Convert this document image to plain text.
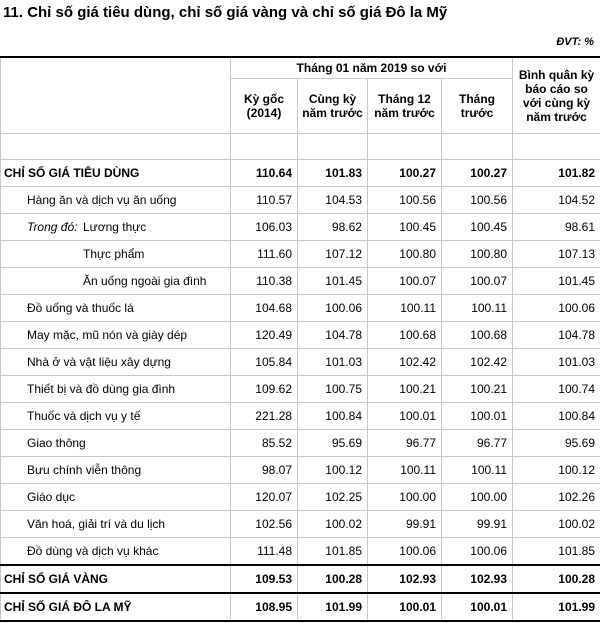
11. Chỉ số giá tiêu dùng, chỉ số giá vàng và chỉ số giá Đô la Mỹ
ĐVT: %
			Tháng 01 năm 2019 so với				Bình quân kỳ báo cáo so với cùng kỳ năm trước
			Kỳ gốc (2014)	Cùng kỳ năm trước	Tháng 12 năm trước	Tháng trước	

CHỈ SỐ GIÁ TIÊU DÙNG			110.64	101.83	100.27	100.27	101.82
	Hàng ăn và dịch vụ ăn uống		110.57	104.53	100.56	100.56	104.52
	Trong đó:	Lương thực	106.03	98.62	100.45	100.45	98.61
		Thực phẩm	111.60	107.12	100.80	100.80	107.13
		Ăn uống ngoài gia đình	110.38	101.45	100.07	100.07	101.45
	Đồ uống và thuốc lá		104.68	100.06	100.11	100.11	100.06
	May mặc, mũ nón và giày dép		120.49	104.78	100.68	100.68	104.78
	Nhà ở và vật liệu xây dựng		105.84	101.03	102.42	102.42	101.03
	Thiết bị và đồ dùng gia đình		109.62	100.75	100.21	100.21	100.74
	Thuốc và dịch vụ y tế		221.28	100.84	100.01	100.01	100.84
	Giao thông		85.52	95.69	96.77	96.77	95.69
	Bưu chính viễn thông		98.07	100.12	100.11	100.11	100.12
	Giáo dục		120.07	102.25	100.00	100.00	102.26
	Văn hoá, giải trí và du lịch		102.56	100.02	99.91	99.91	100.02
	Đồ dùng và dịch vụ khác		111.48	101.85	100.06	100.06	101.85
CHỈ SỐ GIÁ VÀNG			109.53	100.28	102.93	102.93	100.28
CHỈ SỐ GIÁ ĐÔ LA MỸ			108.95	101.99	100.01	100.01	101.99
